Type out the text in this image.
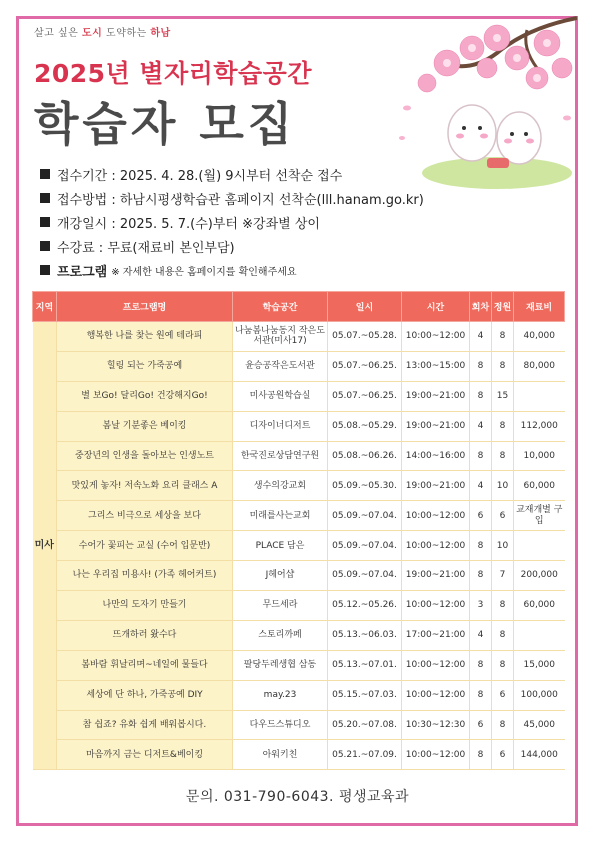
살고 싶은 도시 도약하는 하남
2025년 별자리학습공간
학습자 모집
접수기간 : 2025. 4. 28.(월) 9시부터 선착순 접수
접수방법 : 하남시평생학습관 홈페이지 선착순(lll.hanam.go.kr)
개강일시 : 2025. 5. 7.(수)부터 ※강좌별 상이
수강료 : 무료(재료비 본인부담)
프로그램 ※ 자세한 내용은 홈페이지를 확인해주세요
지역	프로그램명	학습공간	일시	시간	회차	정원	재료비
미사	행복한 나를 찾는 원예 테라피	나눔봄나눔동지 작은도서관(미사17)	05.07.~05.28.	10:00~12:00	4	8	40,000
	힐링 되는 가죽공예	윤승공작은도서관	05.07.~06.25.	13:00~15:00	8	8	80,000
	별 보Go! 달리Go! 건강해지Go!	미사공원학습실	05.07.~06.25.	19:00~21:00	8	15	
	봄날 기분좋은 베이킹	디자이너디저트	05.08.~05.29.	19:00~21:00	4	8	112,000
	중장년의 인생을 돌아보는 인생노트	한국진로상담연구원	05.08.~06.26.	14:00~16:00	8	8	10,000
	맛있게 놓자! 저속노화 요리 클래스 A	생수의강교회	05.09.~05.30.	19:00~21:00	4	10	60,000
	그리스 비극으로 세상을 보다	미래를사는교회	05.09.~07.04.	10:00~12:00	6	6	교재개별 구입
	수어가 꽃피는 교실 (수어 입문반)	PLACE 담은	05.09.~07.04.	10:00~12:00	8	10	
	나는 우리집 미용사! (가족 헤어커트)	J헤어샵	05.09.~07.04.	19:00~21:00	8	7	200,000
	나만의 도자기 만들기	무드세라	05.12.~05.26.	10:00~12:00	3	8	60,000
	뜨개하러 왔수다	스토리까페	05.13.~06.03.	17:00~21:00	4	8	
	봄바람 휘날리며~네일에 물들다	팔당두레생협 삼동	05.13.~07.01.	10:00~12:00	8	8	15,000
	세상에 단 하나, 가죽공예 DIY	may.23	05.15.~07.03.	10:00~12:00	8	6	100,000
	참 쉽죠? 유화 쉽게 배워봅시다.	다우드스튜디오	05.20.~07.08.	10:30~12:30	6	8	45,000
	마음까지 금는 디저트&베이킹	아워키친	05.21.~07.09.	10:00~12:00	8	6	144,000
문의. 031-790-6043. 평생교육과
